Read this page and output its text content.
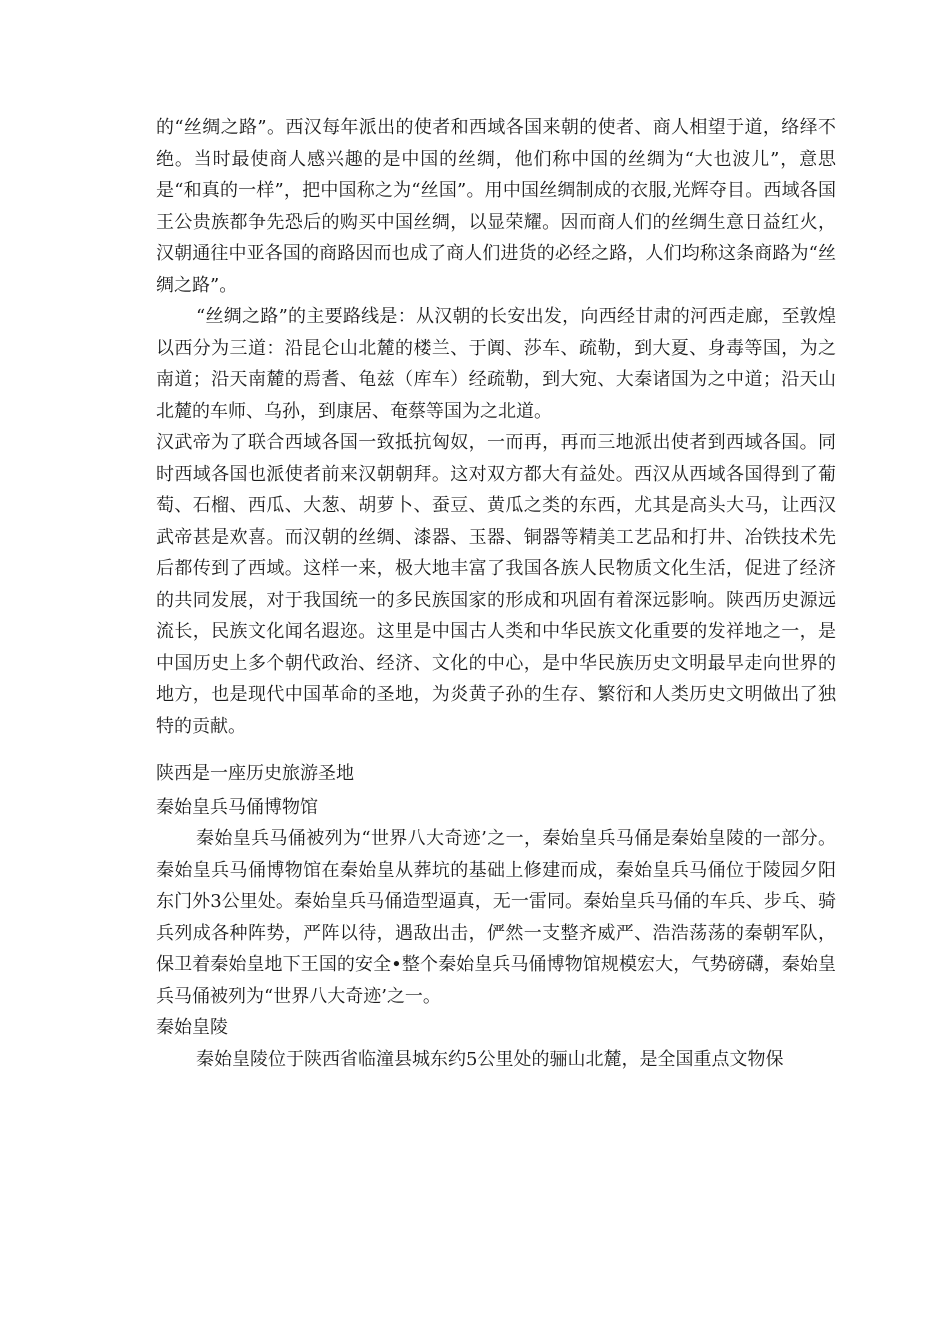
的“丝绸之路”。西汉每年派出的使者和西域各国来朝的使者、商人相望于道，络绎不绝。当时最使商人感兴趣的是中国的丝绸，他们称中国的丝绸为“大也波儿”，意思是“和真的一样”，把中国称之为“丝国”。用中国丝绸制成的衣服,光辉夺目。西域各国王公贵族都争先恐后的购买中国丝绸，以显荣耀。因而商人们的丝绸生意日益红火，汉朝通往中亚各国的商路因而也成了商人们进货的必经之路，人们均称这条商路为“丝绸之路”。

“丝绸之路”的主要路线是：从汉朝的长安出发，向西经甘肃的河西走廊，至敦煌以西分为三道：沿昆仑山北麓的楼兰、于阗、莎车、疏勒，到大夏、身毒等国，为之南道；沿天南麓的焉耆、龟兹（库车）经疏勒，到大宛、大秦诸国为之中道；沿天山北麓的车师、乌孙，到康居、奄蔡等国为之北道。

汉武帝为了联合西域各国一致抵抗匈奴，一而再，再而三地派出使者到西域各国。同时西域各国也派使者前来汉朝朝拜。这对双方都大有益处。西汉从西域各国得到了葡萄、石榴、西瓜、大葱、胡萝卜、蚕豆、黄瓜之类的东西，尤其是高头大马，让西汉武帝甚是欢喜。而汉朝的丝绸、漆器、玉器、铜器等精美工艺品和打井、冶铁技术先后都传到了西域。这样一来，极大地丰富了我国各族人民物质文化生活，促进了经济的共同发展，对于我国统一的多民族国家的形成和巩固有着深远影响。陕西历史源远流长，民族文化闻名遐迩。这里是中国古人类和中华民族文化重要的发祥地之一，是中国历史上多个朝代政治、经济、文化的中心，是中华民族历史文明最早走向世界的地方，也是现代中国革命的圣地，为炎黄子孙的生存、繁衍和人类历史文明做出了独特的贡献。

陕西是一座历史旅游圣地

秦始皇兵马俑博物馆

秦始皇兵马俑被列为“世界八大奇迹’之一，秦始皇兵马俑是秦始皇陵的一部分。秦始皇兵马俑博物馆在秦始皇从葬坑的基础上修建而成，秦始皇兵马俑位于陵园夕阳东门外3公里处。秦始皇兵马俑造型逼真，无一雷同。秦始皇兵马俑的车兵、步乓、骑兵列成各种阵势，严阵以待，遇敌出击，俨然一支整齐威严、浩浩荡荡的秦朝军队，保卫着秦始皇地下王国的安全•整个秦始皇兵马俑博物馆规模宏大，气势磅礴，秦始皇兵马俑被列为“世界八大奇迹’之一。

秦始皇陵

秦始皇陵位于陕西省临潼县城东约5公里处的骊山北麓，是全国重点文物保
